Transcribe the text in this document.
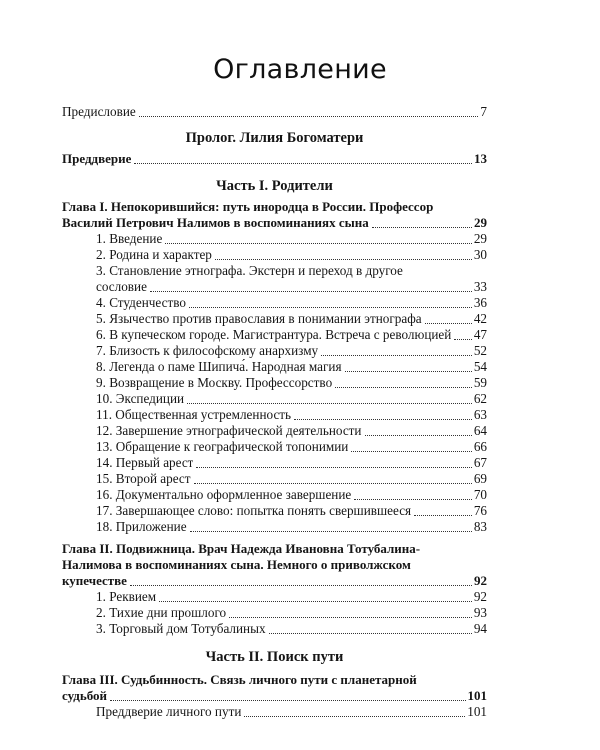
Оглавление
Предисловие	7
Пролог. Лилия Богоматери
Преддверие	13
Часть I. Родители
Глава I. Непокорившийся: путь инородца в России. Профессор
Василий Петрович Налимов в воспоминаниях сына	29
1. Введение	29
2. Родина и характер	30
3. Становление этнографа. Экстерн и переход в другое
сословие	33
4. Студенчество	36
5. Язычество против православия в понимании этнографа	42
6. В купеческом городе. Магистрантура. Встреча с революцией 47
7. Близость к философскому анархизму	52
8. Легенда о паме Шипича́. Народная магия	54
9. Возвращение в Москву. Профессорство	59
10. Экспедиции	62
11. Общественная устремленность	63
12. Завершение этнографической деятельности	64
13. Обращение к географической топонимии	66
14. Первый арест	67
15. Второй арест	69
16. Документально оформленное завершение	70
17. Завершающее слово: попытка понять свершившееся	76
18. Приложение	83
Глава II. Подвижница. Врач Надежда Ивановна Тотубалина-
Налимова в воспоминаниях сына. Немного о приволжском
купечестве	92
1. Реквием	92
2. Тихие дни прошлого	93
3. Торговый дом Тотубалиных	94
Часть II. Поиск пути
Глава III. Судьбинность. Связь личного пути с планетарной
судьбой	101
Преддверие личного пути	101
